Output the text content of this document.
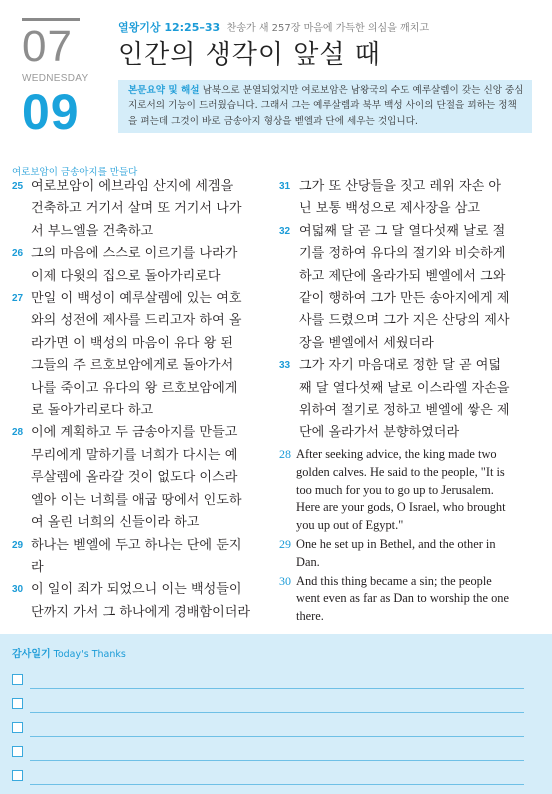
07
WEDNESDAY
09
열왕기상 12:25–33 찬송가 새 257장 마음에 가득한 의심을 깨치고
인간의 생각이 앞설 때
본문요약 및 해설 남북으로 분열되었지만 여로보암은 남왕국의 수도 예루살렘이 갖는 신앙 중심지로서의 기능이 드러웠습니다. 그래서 그는 예루살렘과 북부 백성 사이의 단절을 꾀하는 정책을 펴는데 그것이 바로 금송아지 형상을 벧엘과 단에 세우는 것입니다.
여로보암이 금송아지를 만들다
25 여로보암이 에브라임 산지에 세겜을
건축하고 거기서 살며 또 거기서 나가
서 부느엘을 건축하고
26 그의 마음에 스스로 이르기를 나라가
이제 다윗의 집으로 돌아가리로다
27 만일 이 백성이 예루살렘에 있는 여호
와의 성전에 제사를 드리고자 하여 올
라가면 이 백성의 마음이 유다 왕 된
그들의 주 르호보암에게로 돌아가서
나를 죽이고 유다의 왕 르호보암에게
로 돌아가리로다 하고
28 이에 계획하고 두 금송아지를 만들고
무리에게 말하기를 너희가 다시는 예
루살렘에 올라갈 것이 없도다 이스라
엘아 이는 너희를 애굽 땅에서 인도하
여 올린 너희의 신들이라 하고
29 하나는 벧엘에 두고 하나는 단에 둔지
라
30 이 일이 죄가 되었으니 이는 백성들이
단까지 가서 그 하나에게 경배함이더라
31 그가 또 산당들을 짓고 레위 자손 아
닌 보통 백성으로 제사장을 삼고
32 여덟째 달 곧 그 달 열다섯째 날로 절
기를 정하여 유다의 절기와 비슷하게
하고 제단에 올라가되 벧엘에서 그와
같이 행하여 그가 만든 송아지에게 제
사를 드렸으며 그가 지은 산당의 제사
장을 벧엘에서 세웠더라
33 그가 자기 마음대로 정한 달 곧 여덟
째 달 열다섯째 날로 이스라엘 자손을
위하여 절기로 정하고 벧엘에 쌓은 제
단에 올라가서 분향하였더라
28 After seeking advice, the king made two
golden calves. He said to the people, "It is
too much for you to go up to Jerusalem.
Here are your gods, O Israel, who brought
you up out of Egypt."
29 One he set up in Bethel, and the other in
Dan.
30 And this thing became a sin; the people
went even as far as Dan to worship the one
there.
감사일기 Today's Thanks
